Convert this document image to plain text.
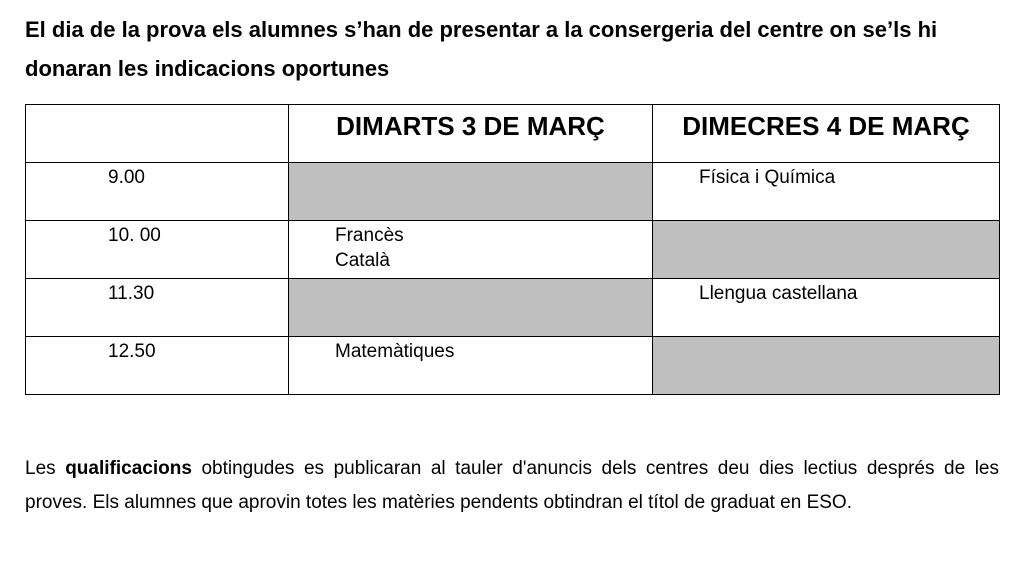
El dia de la prova els alumnes s’han de presentar a la consergeria del centre on se’ls hi donaran les indicacions oportunes

	DIMARTS 3 DE MARÇ	DIMECRES 4 DE MARÇ
9.00		Física i Química

10. 00	Francès
Català	

11.30		Llengua castellana

12.50	Matemàtiques	

Les qualificacions obtingudes es publicaran al tauler d'anuncis dels centres deu dies lectius després de les proves. Els alumnes que aprovin totes les matèries pendents obtindran el títol de graduat en ESO.
